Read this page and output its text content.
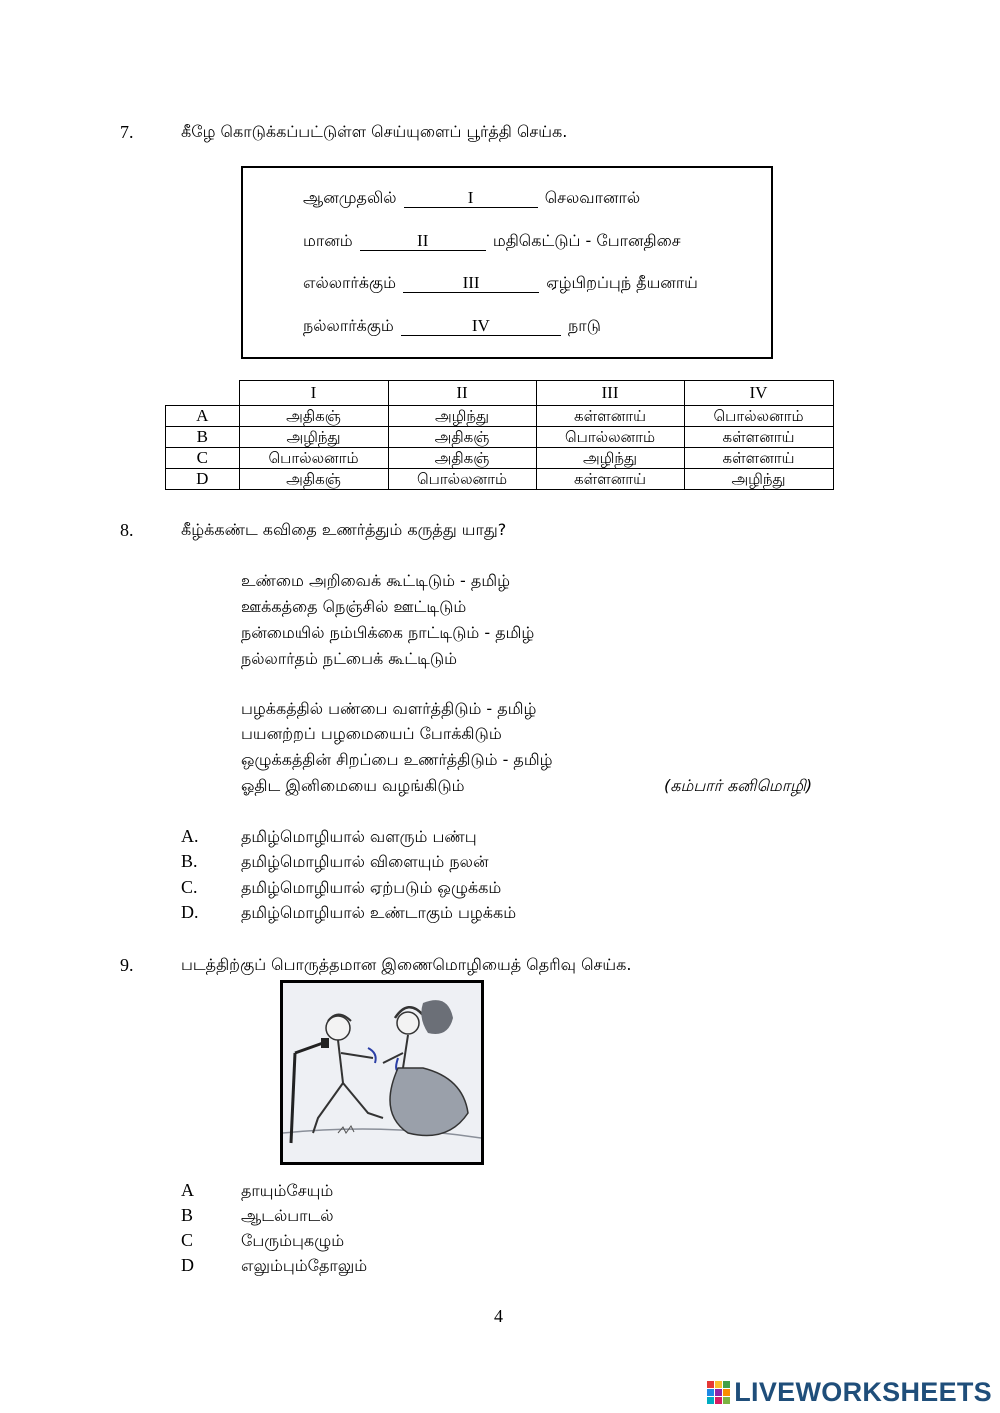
7.	கீழே கொடுக்கப்பட்டுள்ள செய்யுளைப் பூர்த்தி செய்க.
ஆனமுதலில்	I	செலவானால்
மானம்	II	மதிகெட்டுப் - போனதிசை
எல்லார்க்கும்	III	ஏழ்பிறப்புந் தீயனாய்
நல்லார்க்கும்	IV	நாடு
	I	II	III	IV
A	அதிகஞ்	அழிந்து	கள்ளனாய்	பொல்லனாம்
B	அழிந்து	அதிகஞ்	பொல்லனாம்	கள்ளனாய்
C	பொல்லனாம்	அதிகஞ்	அழிந்து	கள்ளனாய்
D	அதிகஞ்	பொல்லனாம்	கள்ளனாய்	அழிந்து
8.	கீழ்க்கண்ட கவிதை உணர்த்தும் கருத்து யாது?
உண்மை அறிவைக் கூட்டிடும் - தமிழ்
ஊக்கத்தை நெஞ்சில் ஊட்டிடும்
நன்மையில் நம்பிக்கை நாட்டிடும் - தமிழ்
நல்லார்தம் நட்பைக் கூட்டிடும்
பழக்கத்தில் பண்பை வளர்த்திடும் - தமிழ்
பயனற்றப் பழமையைப் போக்கிடும்
ஒழுக்கத்தின் சிறப்பை உணர்த்திடும் - தமிழ்
ஓதிட இனிமையை வழங்கிடும்	(கம்பார் கனிமொழி)
A.	தமிழ்மொழியால் வளரும் பண்பு
B.	தமிழ்மொழியால் விளையும் நலன்
C.	தமிழ்மொழியால் ஏற்படும் ஒழுக்கம்
D.	தமிழ்மொழியால் உண்டாகும் பழக்கம்
9.	படத்திற்குப் பொருத்தமான இணைமொழியைத் தெரிவு செய்க.
A	தாயும்சேயும்
B	ஆடல்பாடல்
C	பேரும்புகழும்
D	எலும்பும்தோலும்
4
LIVEWORKSHEETS
